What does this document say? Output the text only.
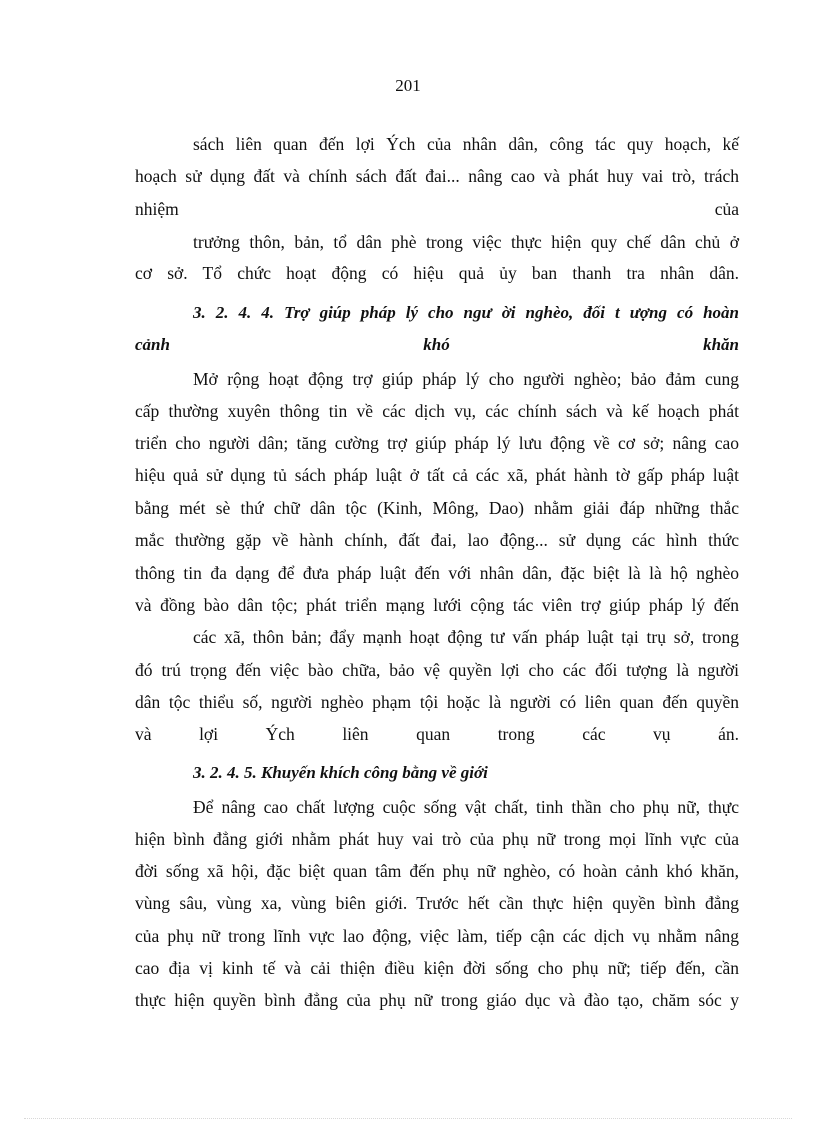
201
sách liên quan đến lợi Ých của nhân dân, công tác quy hoạch, kế
hoạch sử dụng đất và chính sách đất đai... nâng cao và phát huy vai trò, trách
nhiệm của
trưởng thôn, bản, tổ dân phè trong việc thực hiện quy chế dân chủ ở
cơ sở. Tổ chức hoạt động có hiệu quả ủy ban thanh tra nhân dân.
3. 2. 4. 4. Trợ giúp pháp lý cho ngư ời nghèo, đối t ượng có hoàn
cảnh khó khăn
Mở rộng hoạt động trợ giúp pháp lý cho người nghèo; bảo đảm cung
cấp thường xuyên thông tin về các dịch vụ, các chính sách và kế hoạch phát
triển cho người dân; tăng cường trợ giúp pháp lý lưu động về cơ sở; nâng cao
hiệu quả sử dụng tủ sách pháp luật ở tất cả các xã, phát hành tờ gấp pháp luật
bằng mét sè thứ chữ dân tộc (Kinh, Mông, Dao) nhằm giải đáp những thắc
mắc thường gặp về hành chính, đất đai, lao động... sử dụng các hình thức
thông tin đa dạng để đưa pháp luật đến với nhân dân, đặc biệt là là hộ nghèo
và đồng bào dân tộc; phát triển mạng lưới cộng tác viên trợ giúp pháp lý đến
các xã, thôn bản; đẩy mạnh hoạt động tư vấn pháp luật tại trụ sở, trong
đó trú trọng đến việc bào chữa, bảo vệ quyền lợi cho các đối tượng là người
dân tộc thiểu số, người nghèo phạm tội hoặc là người có liên quan đến quyền
và lợi Ých liên quan trong các vụ án.
3. 2. 4. 5. Khuyến khích công bằng về giới
Để nâng cao chất lượng cuộc sống vật chất, tinh thần cho phụ nữ, thực
hiện bình đẳng giới nhằm phát huy vai trò của phụ nữ trong mọi lĩnh vực của
đời sống xã hội, đặc biệt quan tâm đến phụ nữ nghèo, có hoàn cảnh khó khăn,
vùng sâu, vùng xa, vùng biên giới. Trước hết cần thực hiện quyền bình đẳng
của phụ nữ trong lĩnh vực lao động, việc làm, tiếp cận các dịch vụ nhằm nâng
cao địa vị kinh tế và cải thiện điều kiện đời sống cho phụ nữ; tiếp đến, cần
thực hiện quyền bình đẳng của phụ nữ trong giáo dục và đào tạo, chăm sóc y
